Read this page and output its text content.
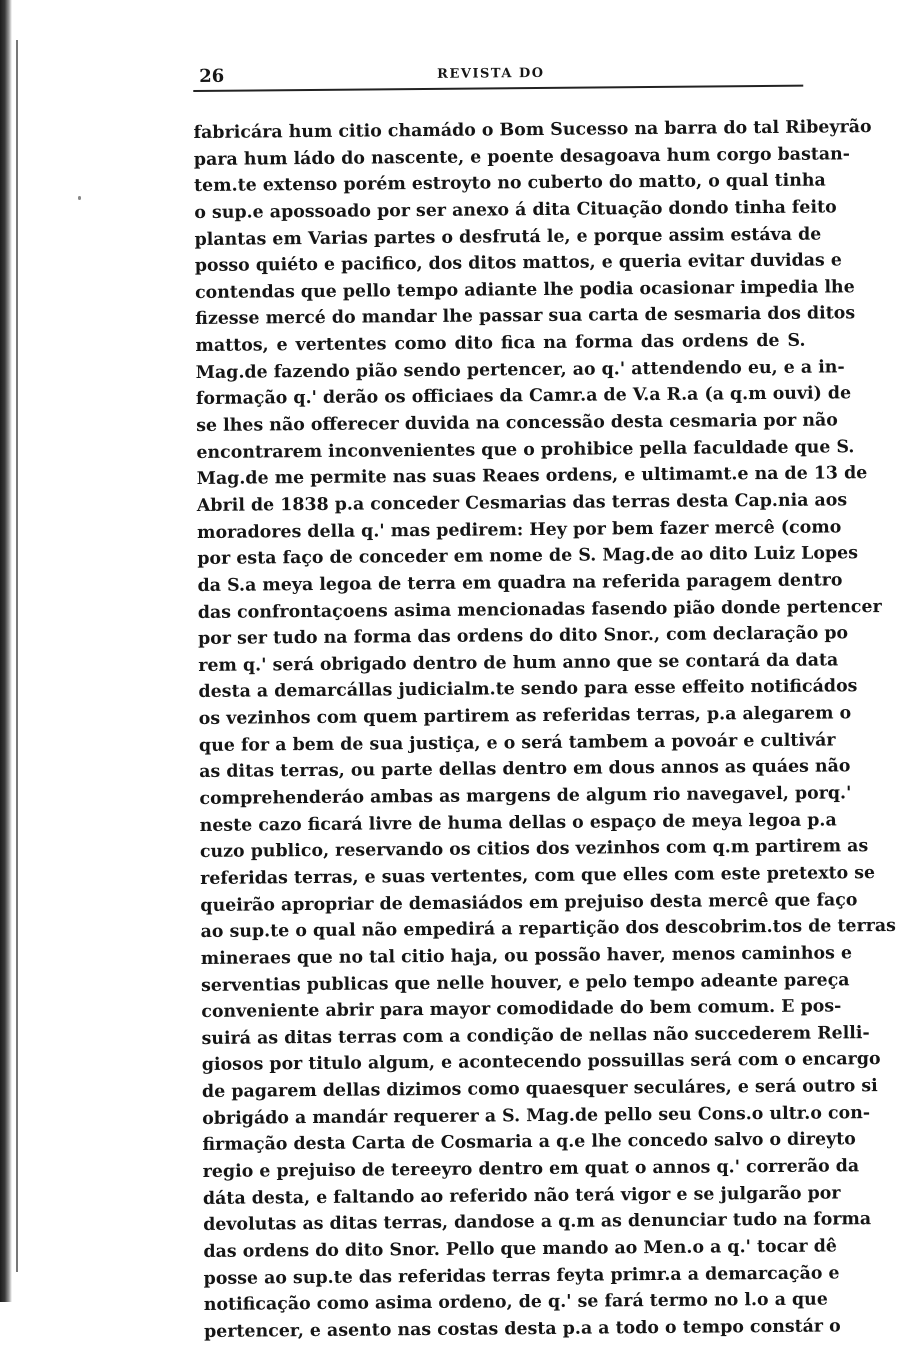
26	REVISTA DO
fabricára hum citio chamádo o Bom Sucesso na barra do tal Ribeyrão
para hum ládo do nascente, e poente desagoava hum corgo bastan-
tem.te extenso porém estroyto no cuberto do matto, o qual tinha
o sup.e apossoado por ser anexo á dita Cituação dondo tinha feito
plantas em Varias partes o desfrutá le, e porque assim estáva de
posso quiéto e pacifico, dos ditos mattos, e queria evitar duvidas e
contendas que pello tempo adiante lhe podia ocasionar impedia lhe
fizesse mercé do mandar lhe passar sua carta de sesmaria dos ditos
mattos, e vertentes como dito fica na forma das ordens de S.
Mag.de fazendo pião sendo pertencer, ao q.' attendendo eu, e a in-
formação q.' derão os officiaes da Camr.a de V.a R.a (a q.m ouvi) de
se lhes não offerecer duvida na concessão desta cesmaria por não
encontrarem inconvenientes que o prohibice pella faculdade que S.
Mag.de me permite nas suas Reaes ordens, e ultimamt.e na de 13 de
Abril de 1838 p.a conceder Cesmarias das terras desta Cap.nia aos
moradores della q.' mas pedirem: Hey por bem fazer mercê (como
por esta faço de conceder em nome de S. Mag.de ao dito Luiz Lopes
da S.a meya legoa de terra em quadra na referida paragem dentro
das confrontaçoens asima mencionadas fasendo pião donde pertencer
por ser tudo na forma das ordens do dito Snor., com declaração po
rem q.' será obrigado dentro de hum anno que se contará da data
desta a demarcállas judicialm.te sendo para esse effeito notificádos
os vezinhos com quem partirem as referidas terras, p.a alegarem o
que for a bem de sua justiça, e o será tambem a povoár e cultivár
as ditas terras, ou parte dellas dentro em dous annos as quáes não
comprehenderáo ambas as margens de algum rio navegavel, porq.'
neste cazo ficará livre de huma dellas o espaço de meya legoa p.a
cuzo publico, reservando os citios dos vezinhos com q.m partirem as
referidas terras, e suas vertentes, com que elles com este pretexto se
queirão apropriar de demasiádos em prejuiso desta mercê que faço
ao sup.te o qual não empedirá a repartição dos descobrim.tos de terras
mineraes que no tal citio haja, ou possão haver, menos caminhos e
serventias publicas que nelle houver, e pelo tempo adeante pareça
conveniente abrir para mayor comodidade do bem comum. E pos-
suirá as ditas terras com a condição de nellas não succederem Relli-
giosos por titulo algum, e acontecendo possuillas será com o encargo
de pagarem dellas dizimos como quaesquer seculáres, e será outro si
obrigádo a mandár requerer a S. Mag.de pello seu Cons.o ultr.o con-
firmação desta Carta de Cosmaria a q.e lhe concedo salvo o direyto
regio e prejuiso de tereeyro dentro em quat o annos q.' correrão da
dáta desta, e faltando ao referido não terá vigor e se julgarão por
devolutas as ditas terras, dandose a q.m as denunciar tudo na forma
das ordens do dito Snor. Pello que mando ao Men.o a q.' tocar dê
posse ao sup.te das referidas terras feyta primr.a a demarcação e
notificação como asima ordeno, de q.' se fará termo no l.o a que
pertencer, e asento nas costas desta p.a a todo o tempo constár o
